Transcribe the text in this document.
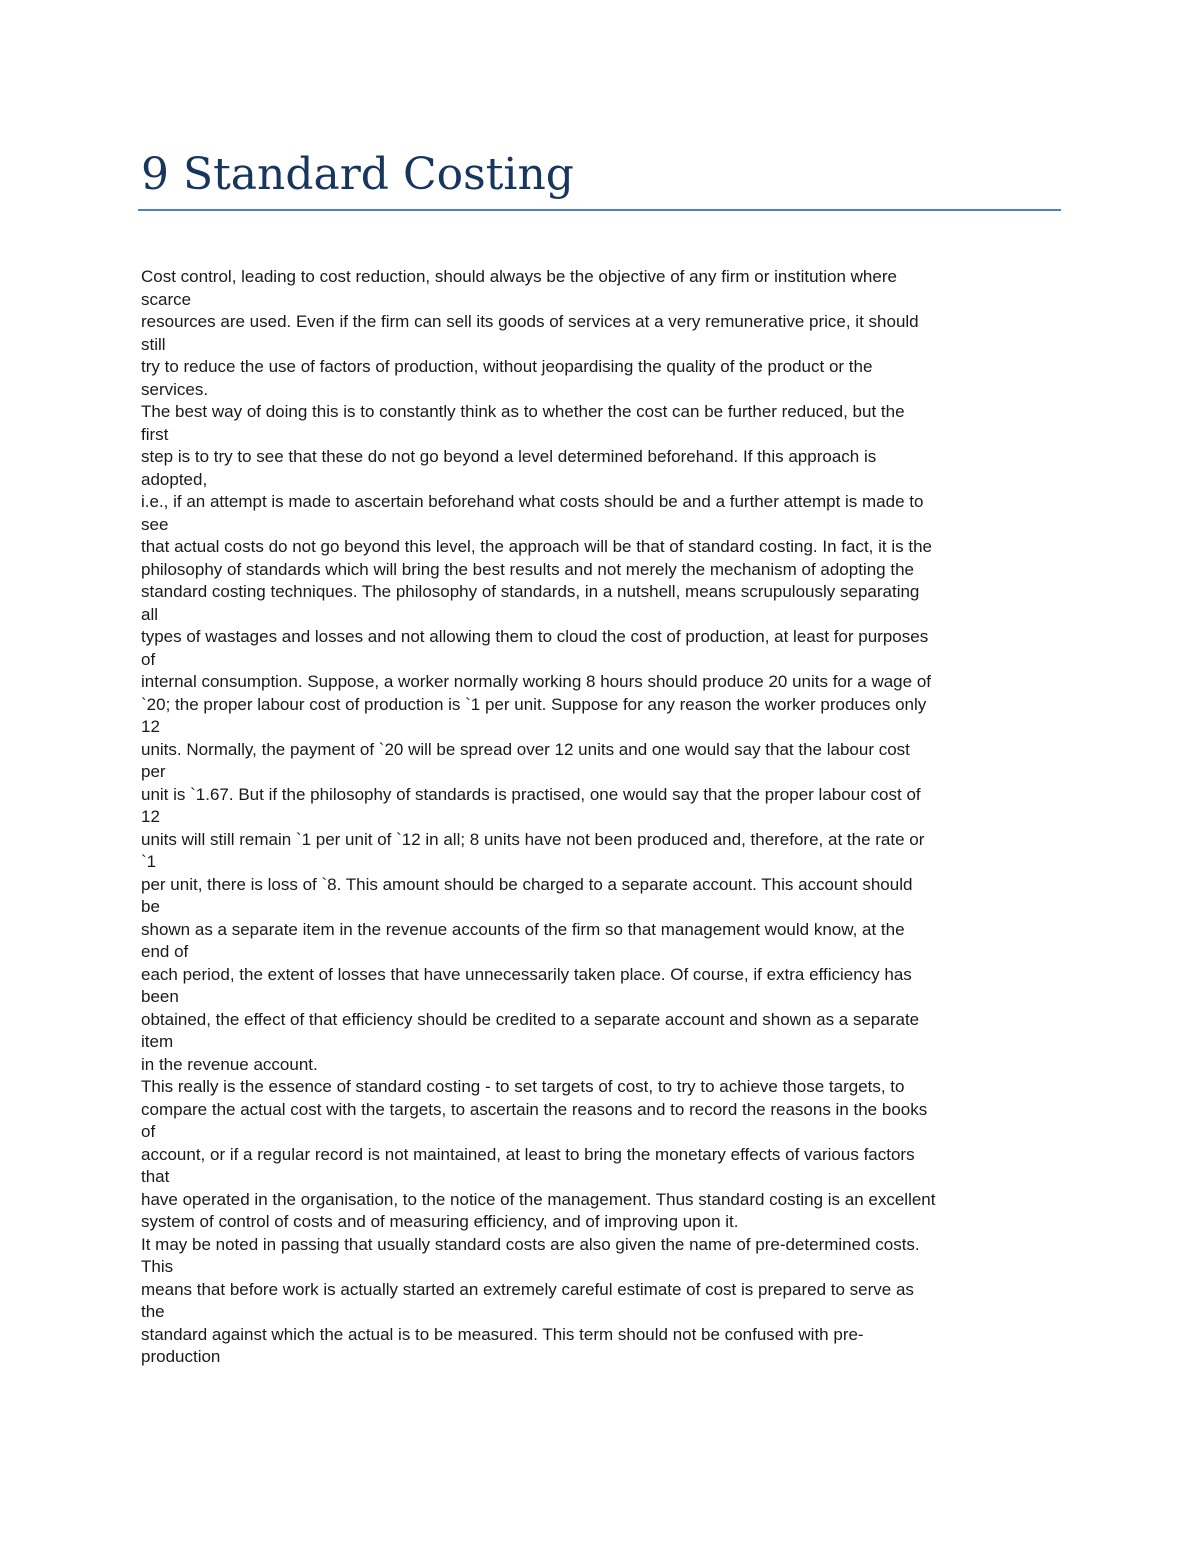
9 Standard Costing
Cost control, leading to cost reduction, should always be the objective of any firm or institution where
scarce
resources are used. Even if the firm can sell its goods of services at a very remunerative price, it should
still
try to reduce the use of factors of production, without jeopardising the quality of the product or the
services.
The best way of doing this is to constantly think as to whether the cost can be further reduced, but the
first
step is to try to see that these do not go beyond a level determined beforehand. If this approach is
adopted,
i.e., if an attempt is made to ascertain beforehand what costs should be and a further attempt is made to
see
that actual costs do not go beyond this level, the approach will be that of standard costing. In fact, it is the
philosophy of standards which will bring the best results and not merely the mechanism of adopting the
standard costing techniques. The philosophy of standards, in a nutshell, means scrupulously separating
all
types of wastages and losses and not allowing them to cloud the cost of production, at least for purposes
of
internal consumption. Suppose, a worker normally working 8 hours should produce 20 units for a wage of
`20; the proper labour cost of production is `1 per unit. Suppose for any reason the worker produces only
12
units. Normally, the payment of `20 will be spread over 12 units and one would say that the labour cost
per
unit is `1.67. But if the philosophy of standards is practised, one would say that the proper labour cost of
12
units will still remain `1 per unit of `12 in all; 8 units have not been produced and, therefore, at the rate or
`1
per unit, there is loss of `8. This amount should be charged to a separate account. This account should
be
shown as a separate item in the revenue accounts of the firm so that management would know, at the
end of
each period, the extent of losses that have unnecessarily taken place. Of course, if extra efficiency has
been
obtained, the effect of that efficiency should be credited to a separate account and shown as a separate
item
in the revenue account.
This really is the essence of standard costing - to set targets of cost, to try to achieve those targets, to
compare the actual cost with the targets, to ascertain the reasons and to record the reasons in the books
of
account, or if a regular record is not maintained, at least to bring the monetary effects of various factors
that
have operated in the organisation, to the notice of the management. Thus standard costing is an excellent
system of control of costs and of measuring efficiency, and of improving upon it.
It may be noted in passing that usually standard costs are also given the name of pre-determined costs.
This
means that before work is actually started an extremely careful estimate of cost is prepared to serve as
the
standard against which the actual is to be measured. This term should not be confused with pre-
production
